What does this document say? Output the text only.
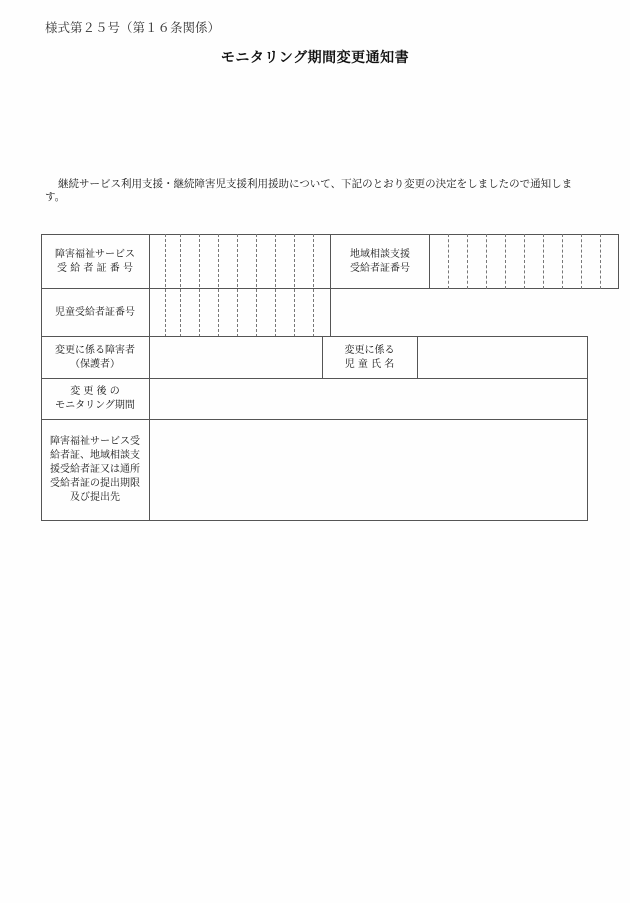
様式第２５号（第１６条関係）
モニタリング期間変更通知書
継続サービス利用支援・継続障害児支援利用援助について、下記のとおり変更の決定をしましたので通知します。
障害福祉サービス
受 給 者 証 番 号
地域相談支援
受給者証番号
児童受給者証番号
変更に係る障害者
（保護者）
変更に係る
児 童 氏 名
変 更 後 の
モニタリング期間
障害福祉サービス受
給者証、地域相談支
援受給者証又は通所
受給者証の提出期限
及び提出先
